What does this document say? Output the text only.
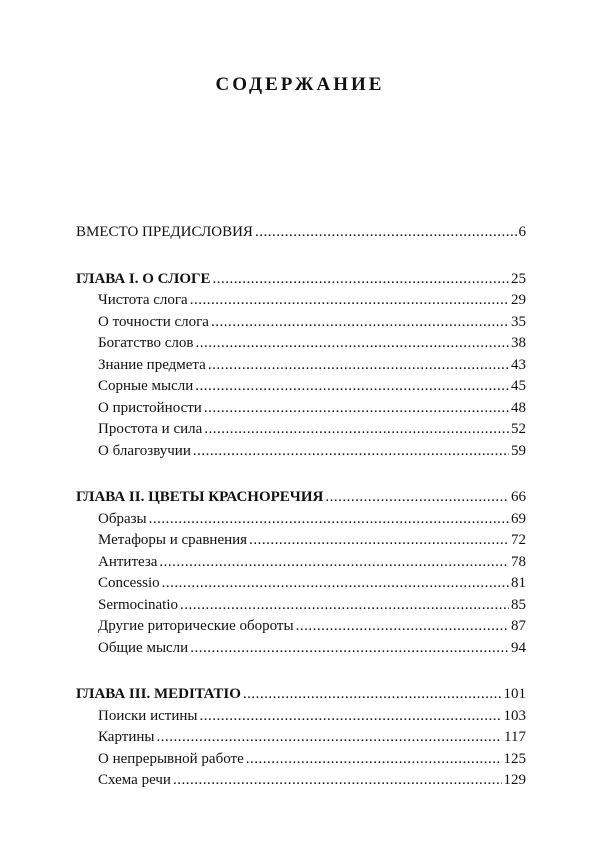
СОДЕРЖАНИЕ
ВМЕСТО ПРЕДИСЛОВИЯ .....	6
ГЛАВА I. О СЛОГЕ .....	25
Чистота слога .....	29
О точности слога .....	35
Богатство слов .....	38
Знание предмета .....	43
Сорные мысли .....	45
О пристойности .....	48
Простота и сила .....	52
О благозвучии .....	59
ГЛАВА II. ЦВЕТЫ КРАСНОРЕЧИЯ .....	66
Образы .....	69
Метафоры и сравнения .....	72
Антитеза .....	78
Concessio .....	81
Sermocinatio .....	85
Другие риторические обороты .....	87
Общие мысли .....	94
ГЛАВА III. MEDITATIO .....	101
Поиски истины .....	103
Картины .....	117
О непрерывной работе .....	125
Схема речи .....	129
